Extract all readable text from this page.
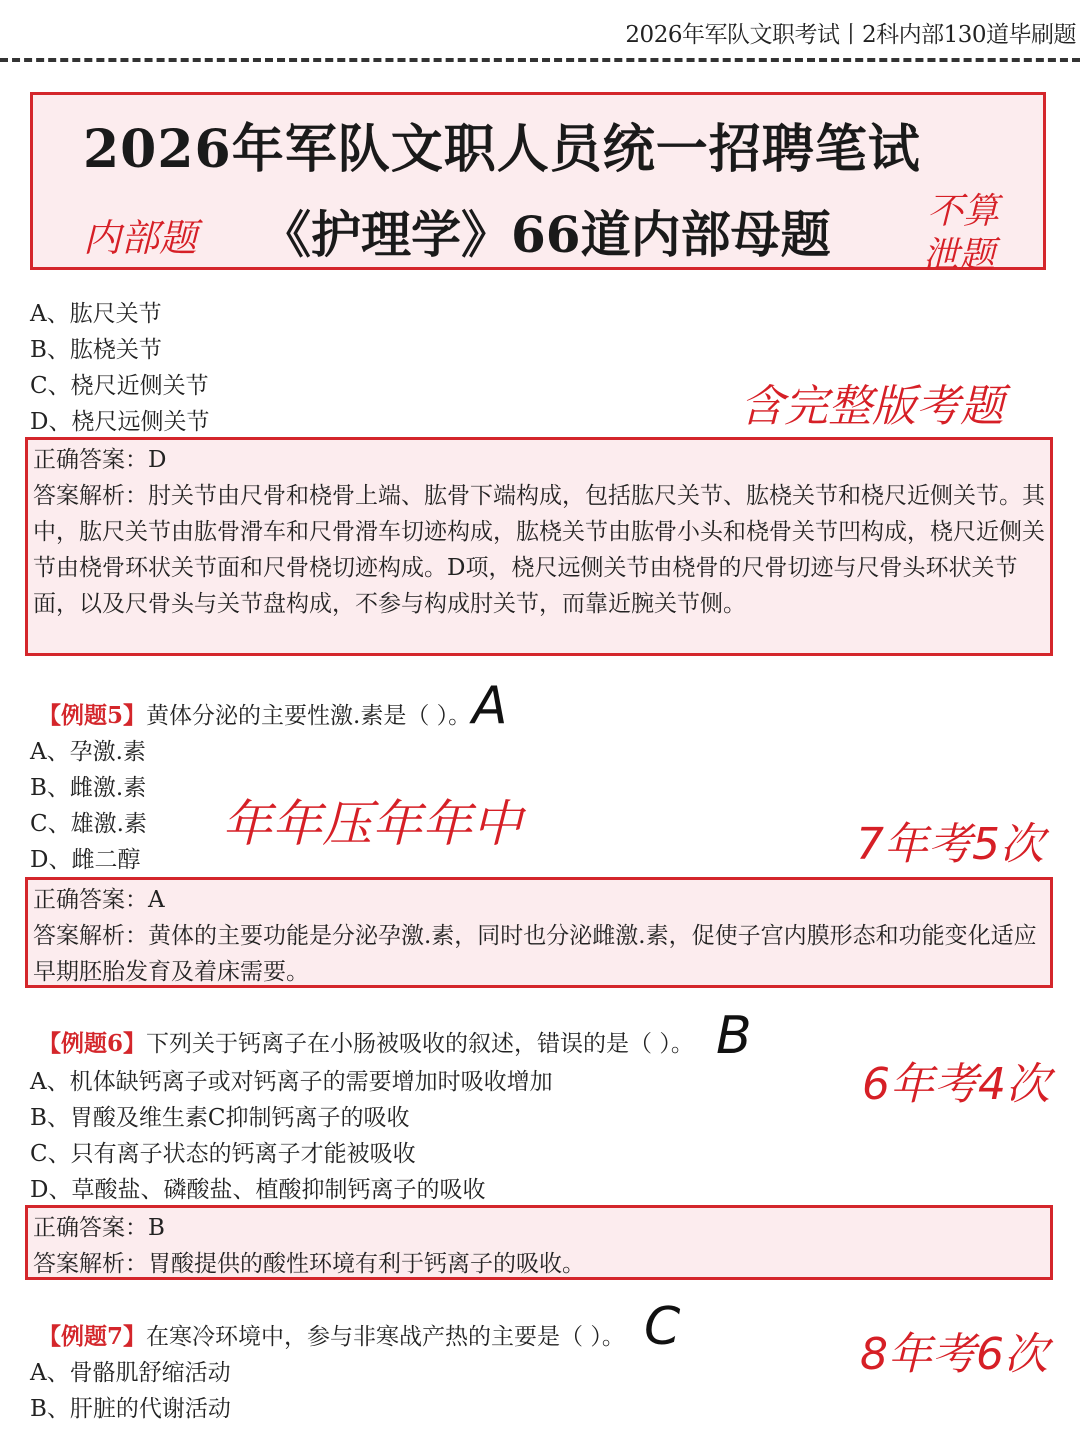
2026年军队文职考试丨2科内部130道毕刷题
2026年军队文职人员统一招聘笔试
内部题 《护理学》66道内部母题	不算
泄题
A、肱尺关节
B、肱桡关节
C、桡尺近侧关节
D、桡尺远侧关节	含完整版考题

正确答案：D

答案解析：肘关节由尺骨和桡骨上端、肱骨下端构成，包括肱尺关节、肱桡关节和桡尺近侧关节。其中，肱尺关节由肱骨滑车和尺骨滑车切迹构成，肱桡关节由肱骨小头和桡骨关节凹构成，桡尺近侧关节由桡骨环状关节面和尺骨桡切迹构成。D项，桡尺远侧关节由桡骨的尺骨切迹与尺骨头环状关节面，以及尺骨头与关节盘构成，不参与构成肘关节，而靠近腕关节侧。

【例题5】黄体分泌的主要性激.素是（ ）。 A
A、孕激.素
B、雌激.素
C、雄激.素
D、雌二醇
年年压年年中	7年考5次

正确答案：A

答案解析：黄体的主要功能是分泌孕激.素，同时也分泌雌激.素，促使子宫内膜形态和功能变化适应早期胚胎发育及着床需要。

【例题6】下列关于钙离子在小肠被吸收的叙述，错误的是（ ）。 B
A、机体缺钙离子或对钙离子的需要增加时吸收增加
B、胃酸及维生素C抑制钙离子的吸收
C、只有离子状态的钙离子才能被吸收
D、草酸盐、磷酸盐、植酸抑制钙离子的吸收
6年考4次

正确答案：B

答案解析：胃酸提供的酸性环境有利于钙离子的吸收。

【例题7】在寒冷环境中，参与非寒战产热的主要是（ ）。 C
A、骨骼肌舒缩活动
B、肝脏的代谢活动
8年考6次
